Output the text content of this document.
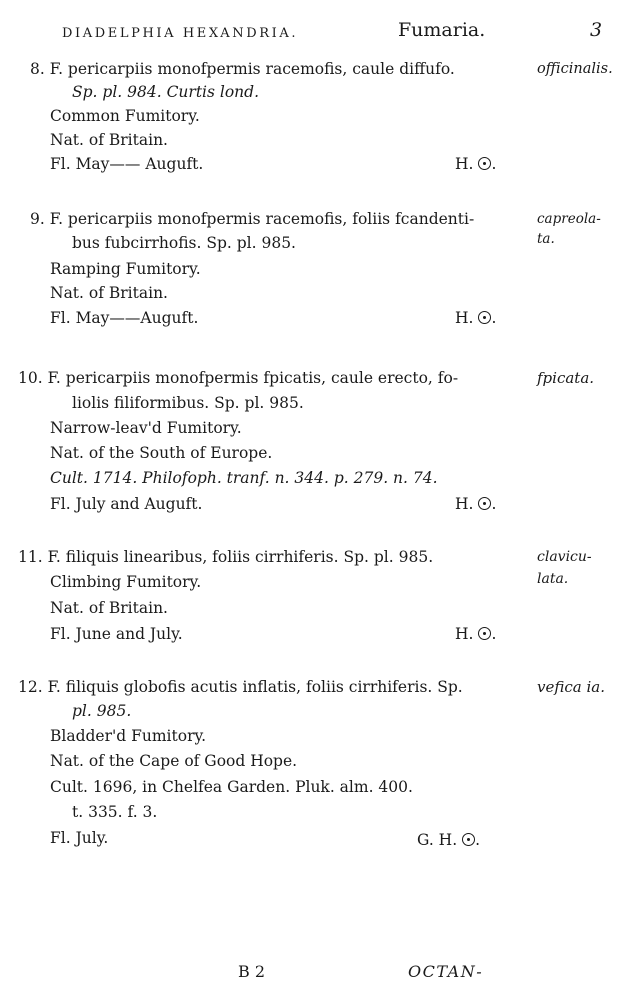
DIADELPHIA HEXANDRIA.	Fumaria.	3
8. F. pericarpiis monofpermis racemofis, caule diffufo.
Sp. pl. 984. Curtis lond.
Common Fumitory.
Nat. of Britain.
Fl. May—— Auguft.	H. .
officinalis.
9. F. pericarpiis monofpermis racemofis, foliis fcandenti-
bus fubcirrhofis. Sp. pl. 985.
Ramping Fumitory.
Nat. of Britain.
Fl. May——Auguft.	H. .
capreola-
ta.
10. F. pericarpiis monofpermis fpicatis, caule erecto, fo-
liolis filiformibus. Sp. pl. 985.
Narrow-leav'd Fumitory.
Nat. of the South of Europe.
Cult. 1714. Philofoph. tranf. n. 344. p. 279. n. 74.
Fl. July and Auguft.	H. .
fpicata.
11. F. filiquis linearibus, foliis cirrhiferis. Sp. pl. 985.
Climbing Fumitory.
Nat. of Britain.
Fl. June and July.	H. .
clavicu-
lata.
12. F. filiquis globofis acutis inflatis, foliis cirrhiferis. Sp.
pl. 985.
Bladder'd Fumitory.
Nat. of the Cape of Good Hope.
Cult. 1696, in Chelfea Garden. Pluk. alm. 400.
t. 335. f. 3.
Fl. July.	G. H. .
vefica ia.
B 2	OCTAN-
